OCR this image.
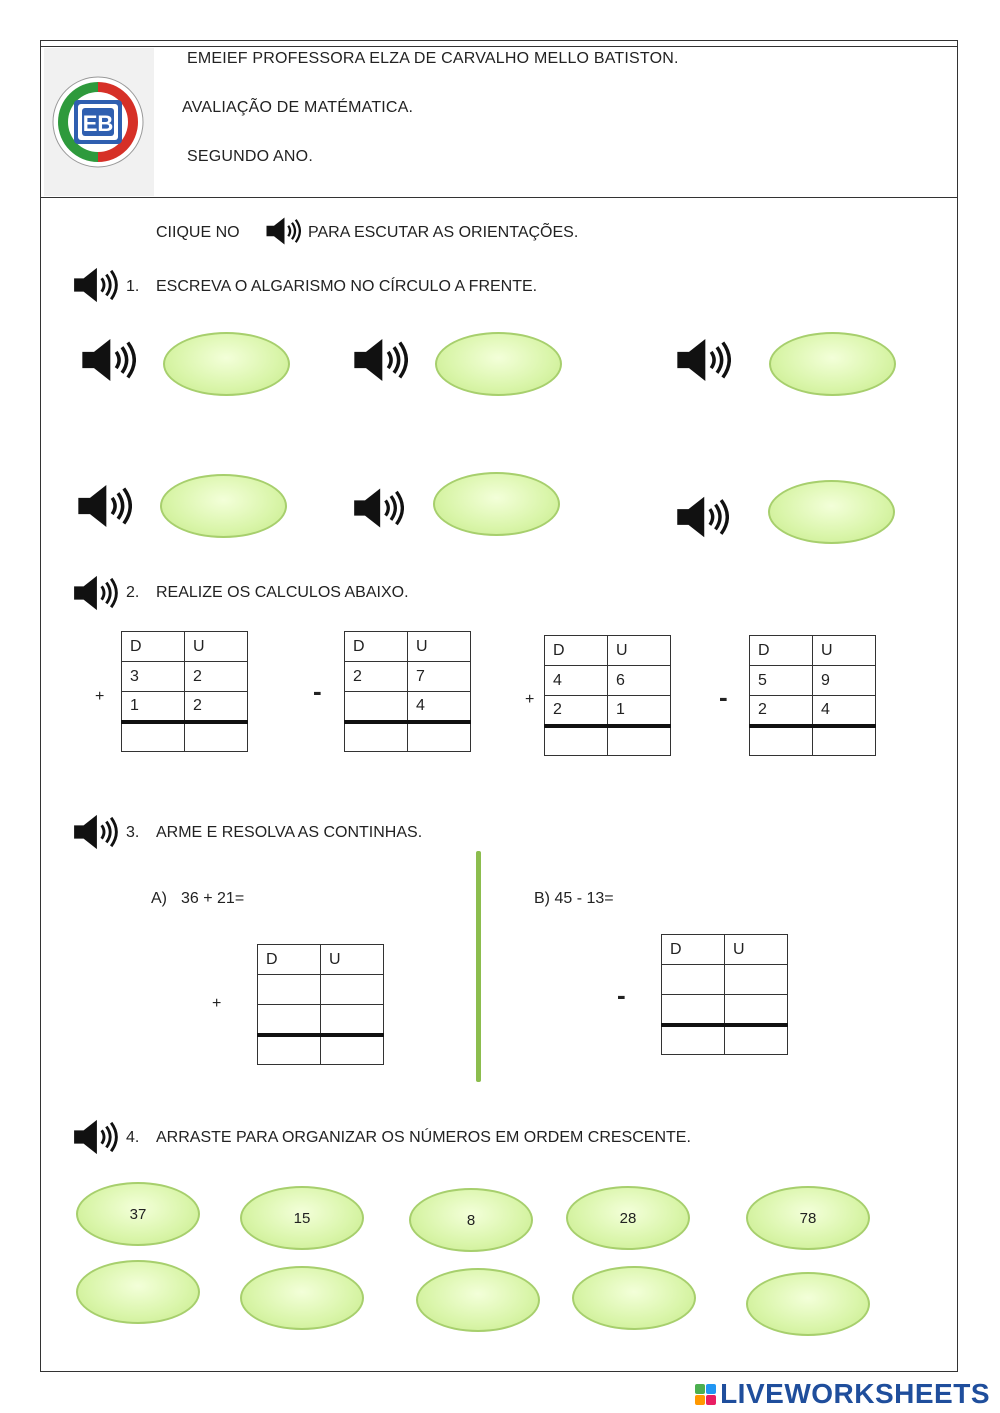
EB
EMEIEF PROFESSORA ELZA DE CARVALHO MELLO BATISTON.
AVALIAÇÃO DE MATÉMATICA.
SEGUNDO ANO.
CIIQUE NO	PARA ESCUTAR AS ORIENTAÇÕES.
1. ESCREVA O ALGARISMO NO CÍRCULO A FRENTE.
2. REALIZE OS CALCULOS ABAIXO.
+
D	U
3	2
1	2
		-
D	U
2	7
	4
		+
D	U
4	6
2	1
		-
D	U
5	9
2	4

3. ARME E RESOLVA AS CONTINHAS.
A) 36 + 21=
+
D	U

B) 45 - 13=
-
D	U

4. ARRASTE PARA ORGANIZAR OS NÚMEROS EM ORDEM CRESCENTE.
37	15	8	28	78
LIVEWORKSHEETS
